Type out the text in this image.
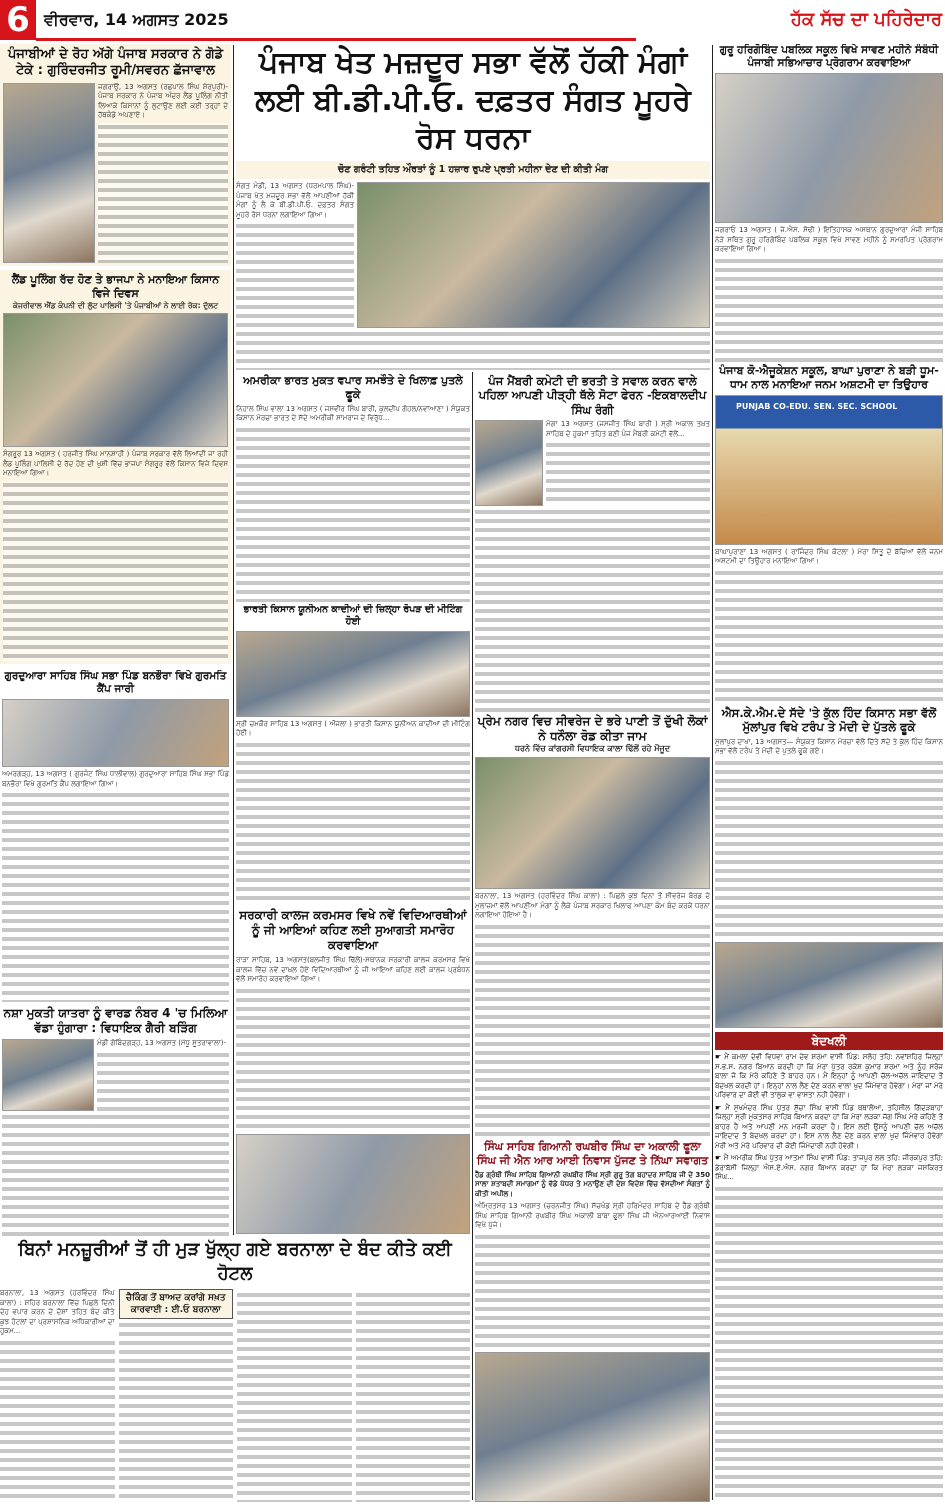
6 ਵੀਰਵਾਰ, 14 ਅਗਸਤ 2025	ਹੱਕ ਸੱਚ ਦਾ ਪਹਿਰੇਦਾਰ
ਪੰਜਾਬੀਆਂ ਦੇ ਰੋਹ ਅੱਗੇ ਪੰਜਾਬ ਸਰਕਾਰ ਨੇ ਗੋਡੇ ਟੇਕੇ : ਗੁਰਿੰਦਰਜੀਤ ਰੂਮੀ/ਸਵਰਨ ਛੱਜਾਵਾਲ
ਜਗਰਾਉਂ, 13 ਅਗਸਤ (ਰਛਪਾਲ ਸਿੰਘ ਸ਼ੇਰਪੁਰੀ)- ਪੰਜਾਬ ਸਰਕਾਰ ਨੇ ਪੰਜਾਬ ਅੰਦਰ ਲੈਂਡ ਪੂਲਿੰਗ ਨੀਤੀ ਲਿਆਕੇ ਕਿਸਾਨਾਂ ਨੂੰ ਲੁਟਾਉਣ ਲਈ ਕਈ ਤਰ੍ਹਾਂ ਦੇ ਹੱਥਕੰਡੇ ਅਪਣਾਏ।
ਲੈਂਡ ਪੂਲਿੰਗ ਰੱਦ ਹੋਣ ਤੇ ਭਾਜਪਾ ਨੇ ਮਨਾਇਆ ਕਿਸਾਨ ਵਿਜੇ ਦਿਵਸ
ਕੇਜਰੀਵਾਲ ਐਂਡ ਕੰਪਨੀ ਦੀ ਲੁੱਟ ਪਾਲਿਸੀ 'ਤੇ ਪੰਜਾਬੀਆਂ ਨੇ ਲਾਈ ਰੋਕ: ਦੁੱਲਟ
ਸੰਗਰੂਰ 13 ਅਗਸਤ ( ਹਰਜੀਤ ਸਿੰਘ ਮਾਨਸ਼ਾਹੀ ) ਪੰਜਾਬ ਸਰਕਾਰ ਵੱਲੋਂ ਲਿਆਂਦੀ ਜਾ ਰਹੀ ਲੈਂਡ ਪੂਲਿੰਗ ਪਾਲਿਸੀ ਦੇ ਰੱਦ ਹੋਣ ਦੀ ਖੁਸ਼ੀ ਵਿੱਚ ਭਾਜਪਾ ਸੰਗਰੂਰ ਵੱਲੋਂ ਕਿਸਾਨ ਵਿਜੇ ਦਿਵਸ ਮਨਾਇਆ ਗਿਆ।
ਗੁਰਦੁਆਰਾ ਸਾਹਿਬ ਸਿੰਘ ਸਭਾ ਪਿੰਡ ਬਨਭੌਰਾ ਵਿਖੇ ਗੁਰਮਤਿ ਕੈਂਪ ਜਾਰੀ
ਅਮਰਗੜ੍ਹ, 13 ਅਗਸਤ ( ਗੁਰਜੰਟ ਸਿੰਘ ਧਾਲੀਵਾਲ) ਗੁਰਦੁਆਰਾ ਸਾਹਿਬ ਸਿੰਘ ਸਭਾ ਪਿੰਡ ਬਨਭੌਰਾ ਵਿਖੇ ਗੁਰਮਤਿ ਕੈਂਪ ਲਗਾਇਆ ਗਿਆ।
ਨਸ਼ਾ ਮੁਕਤੀ ਯਾਤਰਾ ਨੂੰ ਵਾਰਡ ਨੰਬਰ 4 'ਚ ਮਿਲਿਆ ਵੱਡਾ ਹੁੰਗਾਰਾ : ਵਿਧਾਇਕ ਗੈਰੀ ਬੜਿੰਗ
ਮੰਡੀ ਗੋਬਿੰਦਗੜ੍ਹ, 13 ਅਗਸਤ (ਮੱਧੂ ਸੂਤਰਾਵਾਲਾ)-
ਪੰਜਾਬ ਖੇਤ ਮਜ਼ਦੂਰ ਸਭਾ ਵੱਲੋਂ ਹੱਕੀ ਮੰਗਾਂ ਲਈ ਬੀ.ਡੀ.ਪੀ.ਓ. ਦਫ਼ਤਰ ਸੰਗਤ ਮੂਹਰੇ ਰੋਸ ਧਰਨਾ
ਚੋਣ ਗਰੰਟੀ ਤਹਿਤ ਔਰਤਾਂ ਨੂੰ 1 ਹਜ਼ਾਰ ਰੁਪਏ ਪ੍ਰਤੀ ਮਹੀਨਾ ਦੇਣ ਦੀ ਕੀਤੀ ਮੰਗ
ਸੰਗਤ ਮੰਡੀ, 13 ਅਗਸਤ (ਧਰਮਪਾਲ ਸਿੰਘ)- ਪੰਜਾਬ ਖੇਤ ਮਜ਼ਦੂਰ ਸਭਾ ਵੱਲੋਂ ਆਪਣੀਆਂ ਹੱਕੀ ਮੰਗਾਂ ਨੂੰ ਲੈ ਕੇ ਬੀ.ਡੀ.ਪੀ.ਓ. ਦਫ਼ਤਰ ਸੰਗਤ ਮੂਹਰੇ ਰੋਸ ਧਰਨਾ ਲਗਾਇਆ ਗਿਆ।
ਅਮਰੀਕਾ ਭਾਰਤ ਮੁਕਤ ਵਪਾਰ ਸਮਝੌਤੇ ਦੇ ਖਿਲਾਫ਼ ਪੁਤਲੇ ਫੂਕੇ
ਨਿਹਾਲ ਸਿੰਘ ਵਾਲਾ 13 ਅਗਸਤ ( ਜਸਵੀਰ ਸਿੰਘ ਬਾਰੀ, ਕੁਲਦੀਪ ਗੋਹਲ/ਨਵਾਂਆਣਾ ) ਸੰਯੁਕਤ ਕਿਸਾਨ ਮੋਰਚਾ ਭਾਰਤ ਦੇ ਸੱਦੇ ਅਮਰੀਕੀ ਸਾਮਰਾਜ ਦੇ ਵਿਰੁੱਧ...
ਭਾਰਤੀ ਕਿਸਾਨ ਯੂਨੀਅਨ ਕਾਦੀਆਂ ਦੀ ਜ਼ਿਲ੍ਹਾ ਰੋਪੜ ਦੀ ਮੀਟਿੰਗ ਹੋਈ
ਸ੍ਰੀ ਚਮਕੌਰ ਸਾਹਿਬ 13 ਅਗਸਤ ( ਔਜਲਾ ) ਭਾਰਤੀ ਕਿਸਾਨ ਯੂਨੀਅਨ ਕਾਦੀਆਂ ਦੀ ਮੀਟਿੰਗ ਹੋਈ।
ਸਰਕਾਰੀ ਕਾਲਜ ਕਰਮਸਰ ਵਿਖੇ ਨਵੇਂ ਵਿਦਿਆਰਥੀਆਂ ਨੂੰ ਜੀ ਆਇਆਂ ਕਹਿਣ ਲਈ ਸੁਆਗਤੀ ਸਮਾਰੋਹ ਕਰਵਾਇਆ
ਰਾੜਾ ਸਾਹਿਬ, 13 ਅਗਸਤ(ਬਲਜੀਤ ਸਿੰਘ ਢਿੱਲੋਂ)-ਸਥਾਨਕ ਸਰਕਾਰੀ ਕਾਲਜ ਕਰਮਸਰ ਵਿਖੇ ਕਾਲਜ ਵਿੱਚ ਨਵੇਂ ਦਾਖ਼ਲ ਹੋਏ ਵਿਦਿਆਰਥੀਆਂ ਨੂੰ ਜੀ ਆਇਆਂ ਕਹਿਣ ਲਈ ਕਾਲਜ ਪ੍ਰਬੰਧਨ ਵੱਲੋਂ ਸਮਾਰੋਹ ਕਰਵਾਇਆ ਗਿਆ।
ਪੰਜ ਮੈਂਬਰੀ ਕਮੇਟੀ ਦੀ ਭਰਤੀ ਤੇ ਸਵਾਲ ਕਰਨ ਵਾਲੇ ਪਹਿਲਾ ਆਪਣੀ ਪੀੜ੍ਹੀ ਥੱਲੇ ਸੋਟਾ ਫੇਰਨ -ਇਕਬਾਲਦੀਪ ਸਿੰਘ ਰੰਗੀ
ਮੋਗਾ 13 ਅਗਸਤ (ਜਸਜੀਤ ਸਿੰਘ ਬਾਰੀ ) ਸ੍ਰੀ ਅਕਾਲ ਤਖ਼ਤ ਸਾਹਿਬ ਦੇ ਹੁਕਮਾਂ ਤਹਿਤ ਬਣੀ ਪੰਜ ਮੈਂਬਰੀ ਕਮੇਟੀ ਵੱਲੋਂ...
ਪ੍ਰੇਮ ਨਗਰ ਵਿਚ ਸੀਵਰੇਜ ਦੇ ਭਰੇ ਪਾਣੀ ਤੋਂ ਦੁੱਖੀ ਲੋਕਾਂ ਨੇ ਧਨੌਲਾ ਰੋਡ ਕੀਤਾ ਜਾਮ
ਧਰਨੇ ਵਿੱਚ ਕਾਂਗਰਸੀ ਵਿਧਾਇਕ ਕਾਲਾ ਢਿੱਲੋਂ ਰਹੇ ਮੌਜੂਦ
ਬਰਨਾਲਾ, 13 ਅਗਸਤ (ਹਰਵਿੰਦਰ ਸਿੰਘ ਕਾਲਾ) : ਪਿਛਲੇ ਕੁਝ ਦਿਨਾ ਤੋਂ ਸੀਵਰੇਜ ਬੋਰਡ ਦੇ ਮੁਲਾਜ਼ਮਾਂ ਵੱਲੋਂ ਆਪਣੀਆ ਮੰਗਾਂ ਨੂੰ ਲੈਕੇ ਪੰਜਾਬ ਸਰਕਾਰ ਖਿਲਾਫ ਆਪਣਾ ਕੰਮ ਬੰਦ ਕਰਕੇ ਧਰਨਾ ਲਗਾਇਆ ਹੋਇਆ ਹੈ।
ਸਿੰਘ ਸਾਹਿਬ ਗਿਆਨੀ ਰਘਬੀਰ ਸਿੰਘ ਦਾ ਅਕਾਲੀ ਫੂਲਾ ਸਿੰਘ ਜੀ ਐਨ ਆਰ ਆਈ ਨਿਵਾਸ ਪੁੱਜਣ ਤੇ ਨਿੱਘਾ ਸਵਾਗਤ
ਹੈੱਡ ਗ੍ਰੰਥੀ ਸਿੰਘ ਸਾਹਿਬ ਗਿਆਨੀ ਰਘਬੀਰ ਸਿੰਘ ਸ੍ਰੀ ਗੁਰੂ ਤੇਗ ਬਹਾਦਰ ਸਾਹਿਬ ਜੀ ਦੇ 350 ਸਾਲਾ ਸ਼ਤਾਬਦੀ ਸਮਾਗਮਾਂ ਨੂੰ ਵੱਡੇ ਪੱਧਰ ਤੇ ਮਨਾਉਣ ਦੀ ਦੇਸ਼ ਵਿਦੇਸ਼ ਵਿੱਚ ਵੱਸਦੀਆਂ ਸੰਗਤਾਂ ਨੂੰ ਕੀਤੀ ਅਪੀਲ।
ਅੰਮ੍ਰਿਤਸਰ 13 ਅਗਸਤ (ਚਰਨਜੀਤ ਸਿੰਘ) ਸੱਚਖੰਡ ਸ੍ਰੀ ਹਰਿਮੰਦਰ ਸਾਹਿਬ ਦੇ ਹੈੱਡ ਗ੍ਰੰਥੀ ਸਿੰਘ ਸਾਹਿਬ ਗਿਆਨੀ ਰਘਬੀਰ ਸਿੰਘ ਅਕਾਲੀ ਬਾਬਾ ਫੂਲਾ ਸਿੰਘ ਜੀ ਐਨਆਰਆਈ ਨਿਵਾਸ ਵਿਖੇ ਪੁੱਜੇ।
ਬਿਨਾਂ ਮਨਜ਼ੂਰੀਆਂ ਤੋਂ ਹੀ ਮੁੜ ਖੁੱਲ੍ਹ ਗਏ ਬਰਨਾਲਾ ਦੇ ਬੰਦ ਕੀਤੇ ਕਈ ਹੋਟਲ
ਬਰਨਾਲਾ, 13 ਅਗਸਤ (ਹਰਵਿੰਦਰ ਸਿੰਘ ਕਾਲਾ) : ਸ਼ਹਿਰ ਬਰਨਾਲਾ ਵਿੱਚ ਪਿਛਲੇ ਦਿਨੀ ਦੇਹ ਵਪਾਰ ਕਰਨ ਦੇ ਦੋਸ਼ਾਂ ਤਹਿਤ ਬੰਦ ਕੀਤੇ ਕੁਝ ਹੋਟਲਾਂ ਦਾ ਪ੍ਰਸ਼ਾਸਨਿਕ ਅਧਿਕਾਰੀਆਂ ਦਾ ਹੁਕਮ...
ਚੈਕਿੰਗ ਤੋਂ ਬਾਅਦ ਕਰਾਂਗੇ ਸਖ਼ਤ ਕਾਰਵਾਈ : ਈ.ਓ ਬਰਨਾਲਾ
ਗੁਰੂ ਹਰਿਗੋਬਿੰਦ ਪਬਲਿਕ ਸਕੂਲ ਵਿਖੇ ਸਾਵਣ ਮਹੀਨੇ ਸੰਬੰਧੀ ਪੰਜਾਬੀ ਸਭਿਆਚਾਰ ਪ੍ਰੋਗਰਾਮ ਕਰਵਾਇਆ
ਜਗਰਾਓ 13 ਅਗਸਤ ( ਜੇ.ਐਸ. ਸੋਢੀ ) ਇਤਿਹਾਸਕ ਅਸਥਾਨ ਗੁਰਦੁਆਰਾ ਮੰਜੀ ਸਾਹਿਬ ਨੇੜੇ ਸਥਿਤ ਗੁਰੂ ਹਰਿਗੋਬਿੰਦ ਪਬਲਿਕ ਸਕੂਲ ਵਿਖੇ ਸਾਵਣ ਮਹੀਨੇ ਨੂੰ ਸਮਰਪਿਤ ਪ੍ਰੋਗਰਾਮ ਕਰਵਾਇਆ ਗਿਆ।
ਪੰਜਾਬ ਕੋ-ਐਜੂਕੇਸ਼ਨ ਸਕੂਲ, ਬਾਘਾ ਪੁਰਾਣਾ ਨੇ ਬੜੀ ਧੂਮ-ਧਾਮ ਨਾਲ ਮਨਾਇਆ ਜਨਮ ਅਸ਼ਟਮੀ ਦਾ ਤਿਉਹਾਰ
PUNJAB CO-EDU. SEN. SEC. SCHOOL
ਬਾਘਾਪੁਰਾਣਾ 13 ਅਗਸਤ ( ਰਾਜਿੰਦਰ ਸਿੰਘ ਕੋਟਲਾ ) ਮੇਰਾ ਸਿਤੂ ਦੇ ਬੱਚਿਆਂ ਵੱਲੋਂ ਜਨਮ ਅਸ਼ਟਮੀ ਦਾ ਤਿਉਹਾਰ ਮਨਾਇਆ ਗਿਆ।
ਐਸ.ਕੇ.ਐਮ.ਦੇ ਸੱਦੇ 'ਤੇ ਕੁੱਲ ਹਿੰਦ ਕਿਸਾਨ ਸਭਾ ਵੱਲੋਂ ਮੁੱਲਾਂਪੁਰ ਵਿਖੇ ਟਰੰਪ ਤੇ ਮੋਦੀ ਦੇ ਪੁੱਤਲੇ ਫੂਕੇ
ਮੁੱਲਾਂਪੁਰ ਦਾਖਾ, 13 ਅਗਸਤ— ਸੰਯੁਕਤ ਕਿਸਾਨ ਮੋਰਚਾ ਵੱਲੋਂ ਦਿੱਤੇ ਸੱਦੇ ਤੇ ਕੁੱਲ ਹਿੰਦ ਕਿਸਾਨ ਸਭਾ ਵੱਲੋਂ ਟਰੰਪ ਤੇ ਮੋਦੀ ਦੇ ਪੁਤਲੇ ਫੂਕੇ ਗਏ।
ਬੇਦਖਲੀ
☛ ਮੈਂ ਕਮਲਾ ਦੇਵੀ ਵਿਧਵਾ ਰਾਮ ਦੇਵ ਸ਼ਰਮਾ ਵਾਸੀ ਪਿੰਡ: ਸਲੋਹ ਤਹਿ: ਨਵਾਂਸ਼ਹਿਰ ਜਿਲ੍ਹਾ ਸ.ਭ.ਸ. ਨਗਰ ਬਿਆਨ ਕਰਦੀ ਹਾਂ ਕਿ ਮੇਰਾ ਪੁੱਤਰ ਰਕੇਸ਼ ਕੁਮਾਰ ਸ਼ਰਮਾ ਅਤੇ ਨੂੰਹ ਸਰੋਜ ਬਾਲਾ ਜੋ ਕਿ ਮੇਰੇ ਕਹਿਣੇ ਤੋਂ ਬਾਹਰ ਹਨ। ਮੈਂ ਇਨ੍ਹਾਂ ਨੂੰ ਆਪਣੀ ਚੱਲ-ਅਚੱਲ ਜਾਇਦਾਦ ਤੋਂ ਬੇਦਖਲ ਕਰਦੀ ਹਾਂ। ਇਨ੍ਹਾਂ ਨਾਲ ਲੈਣ ਦੇਣ ਕਰਨ ਵਾਲਾ ਖੁਦ ਜਿੰਮੇਵਾਰ ਹੋਵੇਗਾ। ਮੇਰਾ ਜਾਂ ਮੇਰੇ ਪਰਿਵਾਰ ਦਾ ਕੋਈ ਵੀ ਤਾਲੁਕ ਵਾ ਵਾਸਤਾ ਨਹੀ ਹੋਵੇਗਾ।
☛ ਮੈਂ ਸੁਖਮੰਦਰ ਸਿੰਘ ਪੁੱਤਰ ਸੁੱਚਾ ਸਿੰਘ ਵਾਸੀ ਪਿੰਡ ਥਥਾਲੋਆ, ਤਹਿਸੀਲ ਗਿੱਦੜਬਾਹਾ ਜਿਲ੍ਹਾ ਸ੍ਰੀ ਮੁਕਤਸਰ ਸਾਹਿਬ ਬਿਆਨ ਕਰਦਾ ਹਾਂ ਕਿ ਮੇਰਾ ਲੜਕਾ ਜੱਗ ਸਿੰਘ ਮੇਰੇ ਕਹਿਣੇ ਤੋਂ ਬਾਹਰ ਹੈ ਅਤੇ ਆਪਣੀ ਮਨ ਮਰਜੀ ਕਰਦਾ ਹੈ। ਇਸ ਲਈ ਉਸਨੂੰ ਆਪਣੀ ਚੱਲ ਅਚੱਲ ਜਾਇਦਾਦ ਤੋਂ ਬੇਦਖਲ ਕਰਦਾ ਹਾਂ। ਇਸ ਨਾਲ ਲੈਣ ਦੇਣ ਕਰਨ ਵਾਲਾ ਖੁਦ ਜਿੰਮੇਵਾਰ ਹੋਵੇਗਾ ਮੇਰੀ ਅਤੇ ਮੇਰੇ ਪਰਿਵਾਰ ਦੀ ਕੋਈ ਜਿੰਮੇਦਾਰੀ ਨਹੀਂ ਹੋਵੇਗੀ।
☛ ਮੈਂ ਅਮਰੀਕ ਸਿੰਘ ਪੁੱਤਰ ਆਤਮਾ ਸਿੰਘ ਵਾਸੀ ਪਿੰਡ: ਤਾਜਪੁਰ ਲਲ ਤਹਿ: ਜੀਰਕਪੁਰ ਤਹਿ: ਡੇਰਾਬੱਸੀ ਜਿਲ੍ਹਾ ਐਸ.ਏ.ਐਸ. ਨਗਰ ਬਿਆਨ ਕਰਦਾ ਹਾਂ ਕਿ ਮੇਰਾ ਲੜਕਾ ਜਸਕਿਰਤ ਸਿੰਘ...
